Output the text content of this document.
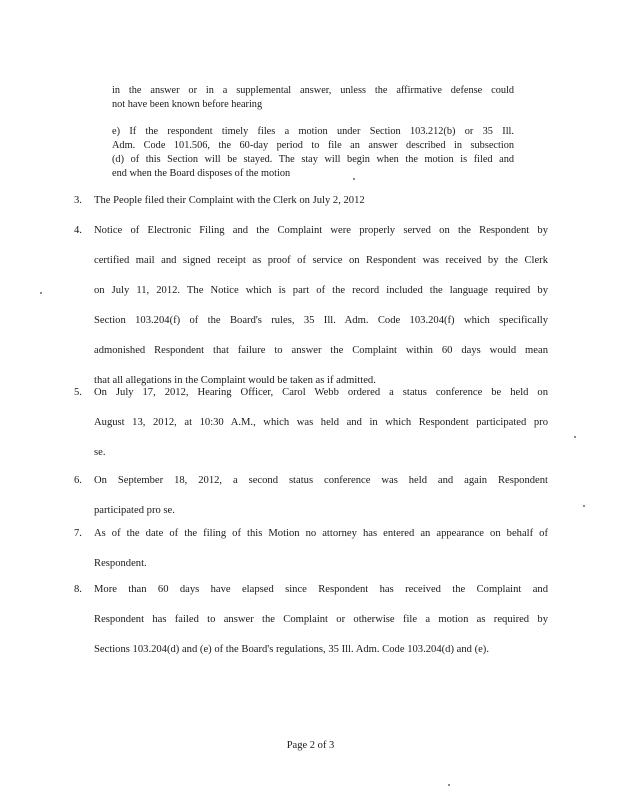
in the answer or in a supplemental answer, unless the affirmative defense could

not have been known before hearing

e) If the respondent timely files a motion under Section 103.212(b) or 35 Ill.

Adm. Code 101.506, the 60-day period to file an answer described in subsection

(d) of this Section will be stayed. The stay will begin when the motion is filed and

end when the Board disposes of the motion

3. The People filed their Complaint with the Clerk on July 2, 2012
4. Notice of Electronic Filing and the Complaint were properly served on the Respondent by
certified mail and signed receipt as proof of service on Respondent was received by the Clerk
on July 11, 2012. The Notice which is part of the record included the language required by
Section 103.204(f) of the Board's rules, 35 Ill. Adm. Code 103.204(f) which specifically
admonished Respondent that failure to answer the Complaint within 60 days would mean
that all allegations in the Complaint would be taken as if admitted.
5. On July 17, 2012, Hearing Officer, Carol Webb ordered a status conference be held on
August 13, 2012, at 10:30 A.M., which was held and in which Respondent participated pro
se.
6. On September 18, 2012, a second status conference was held and again Respondent
participated pro se.
7. As of the date of the filing of this Motion no attorney has entered an appearance on behalf of
Respondent.
8. More than 60 days have elapsed since Respondent has received the Complaint and
Respondent has failed to answer the Complaint or otherwise file a motion as required by
Sections 103.204(d) and (e) of the Board's regulations, 35 Ill. Adm. Code 103.204(d) and (e).
Page 2 of 3
